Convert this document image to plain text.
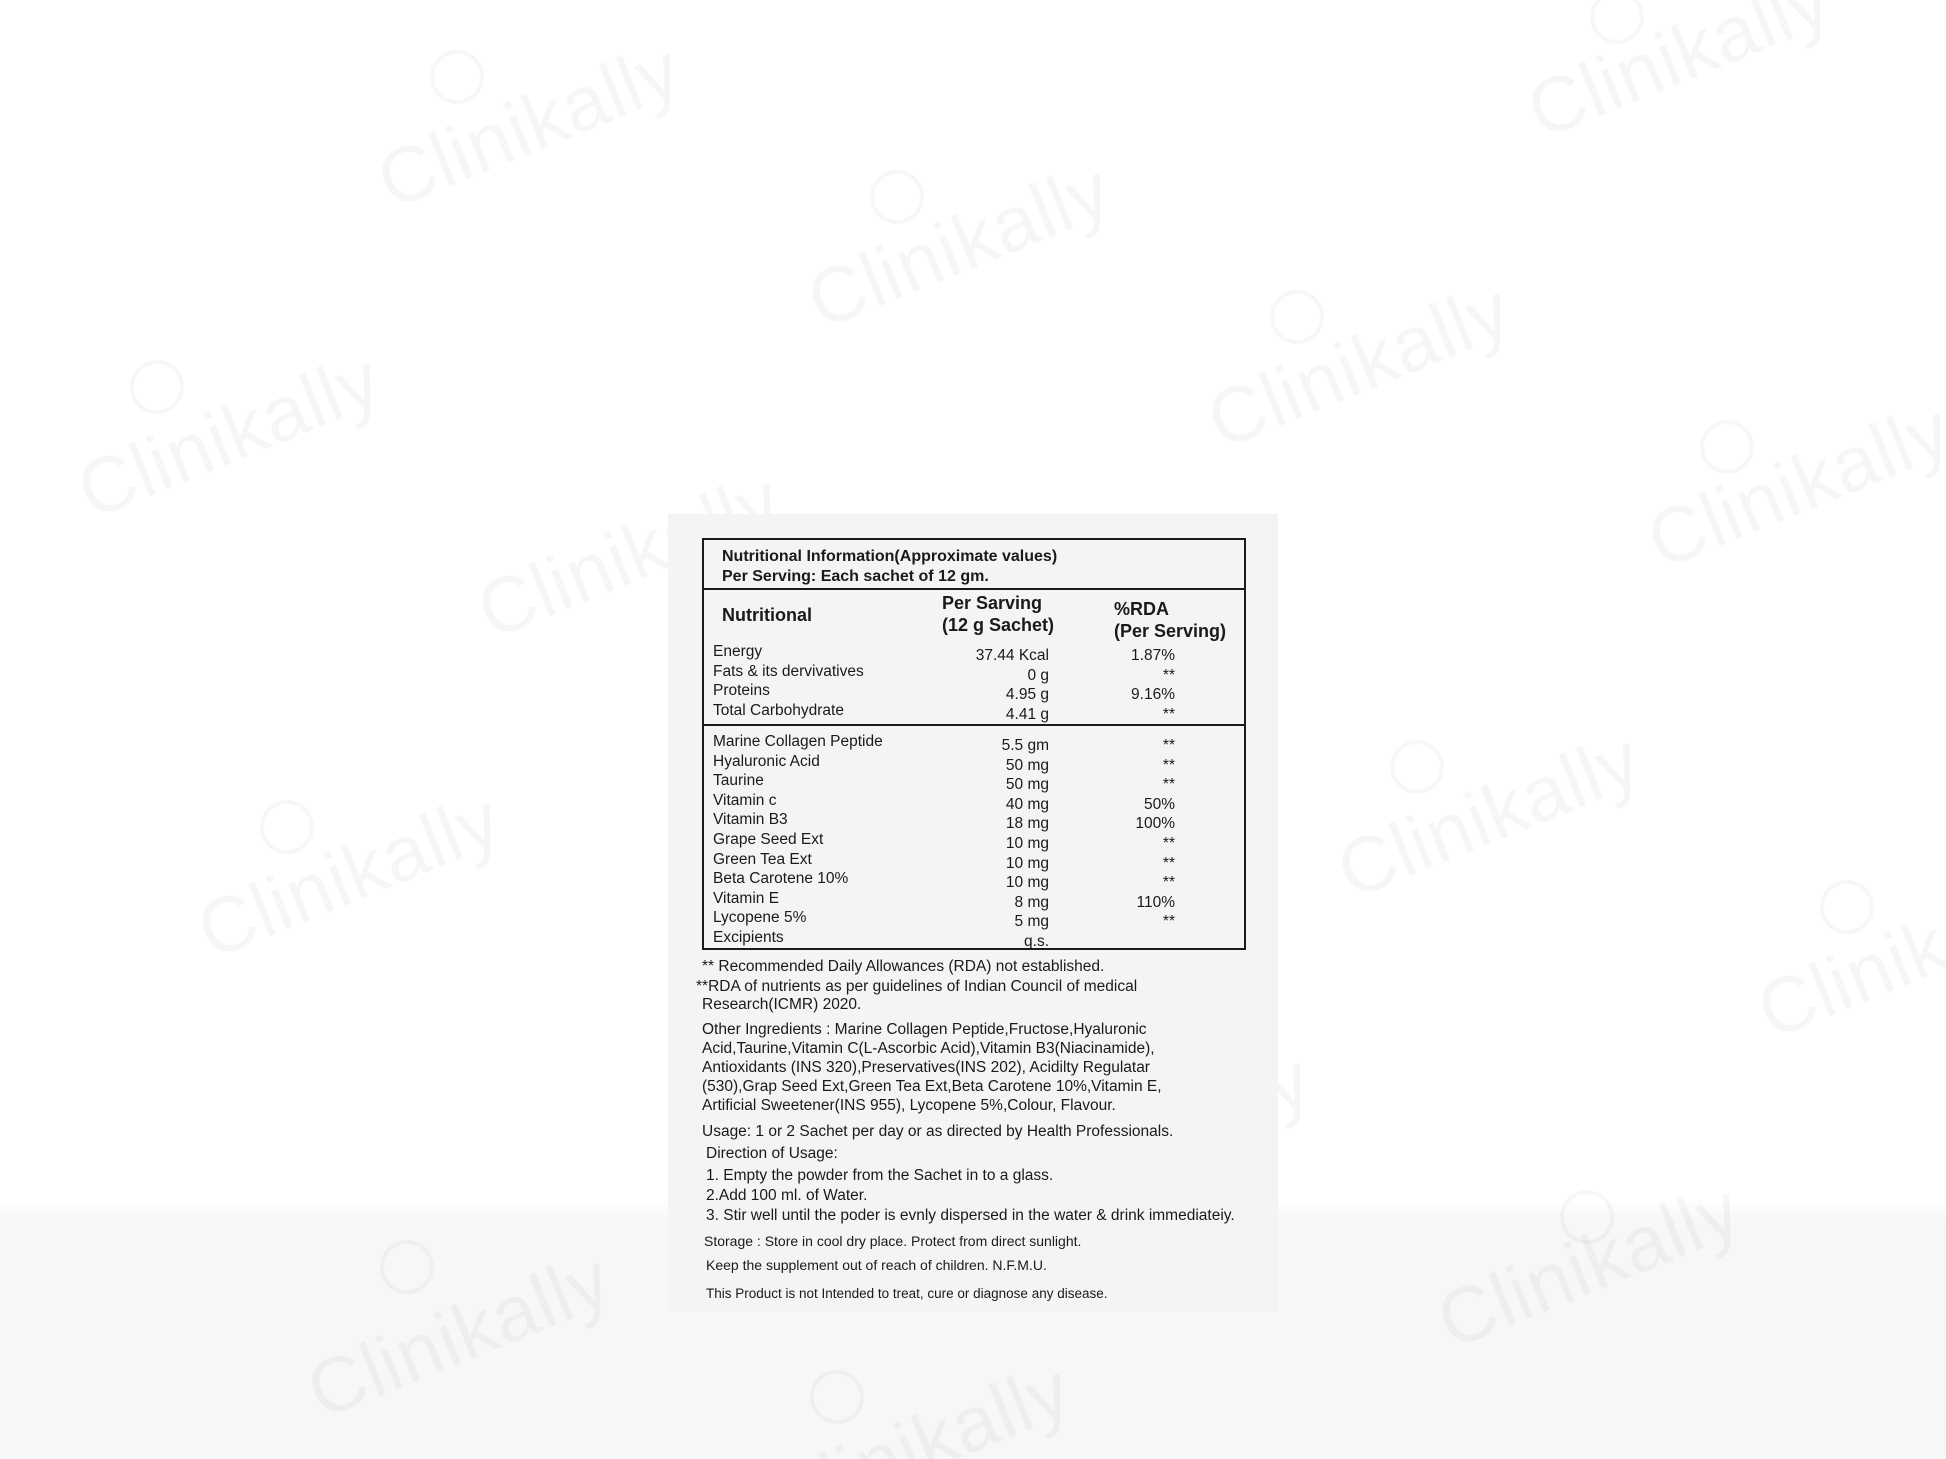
Nutritional Information(Approximate values)
Per Serving: Each sachet of 12 gm.
Nutritional
Per Sarving
(12 g Sachet)
%RDA
(Per Serving)
Energy	37.44 Kcal	1.87%
Fats & its dervivatives	0 g	**
Proteins	4.95 g	9.16%
Total Carbohydrate	4.41 g	**
Marine Collagen Peptide	5.5 gm	**
Hyaluronic Acid	50 mg	**
Taurine	50 mg	**
Vitamin c	40 mg	50%
Vitamin B3	18 mg	100%
Grape Seed Ext	10 mg	**
Green Tea Ext	10 mg	**
Beta Carotene 10%	10 mg	**
Vitamin E	8 mg	110%
Lycopene 5%	5 mg	**
Excipients	q.s.
** Recommended Daily Allowances (RDA) not established.
**RDA of nutrients as per guidelines of Indian Council of medical
Research(ICMR) 2020.
Other Ingredients : Marine Collagen Peptide,Fructose,Hyaluronic
Acid,Taurine,Vitamin C(L-Ascorbic Acid),Vitamin B3(Niacinamide),
Antioxidants (INS 320),Preservatives(INS 202), Acidilty Regulatar
(530),Grap Seed Ext,Green Tea Ext,Beta Carotene 10%,Vitamin E,
Artificial Sweetener(INS 955), Lycopene 5%,Colour, Flavour.
Usage: 1 or 2 Sachet per day or as directed by Health Professionals.
Direction of Usage:
1. Empty the powder from the Sachet in to a glass.
2.Add 100 ml. of Water.
3. Stir well until the poder is evnly dispersed in the water & drink immediateiy.
Storage : Store in cool dry place. Protect from direct sunlight.
Keep the supplement out of reach of children. N.F.M.U.
This Product is not Intended to treat, cure or diagnose any disease.
